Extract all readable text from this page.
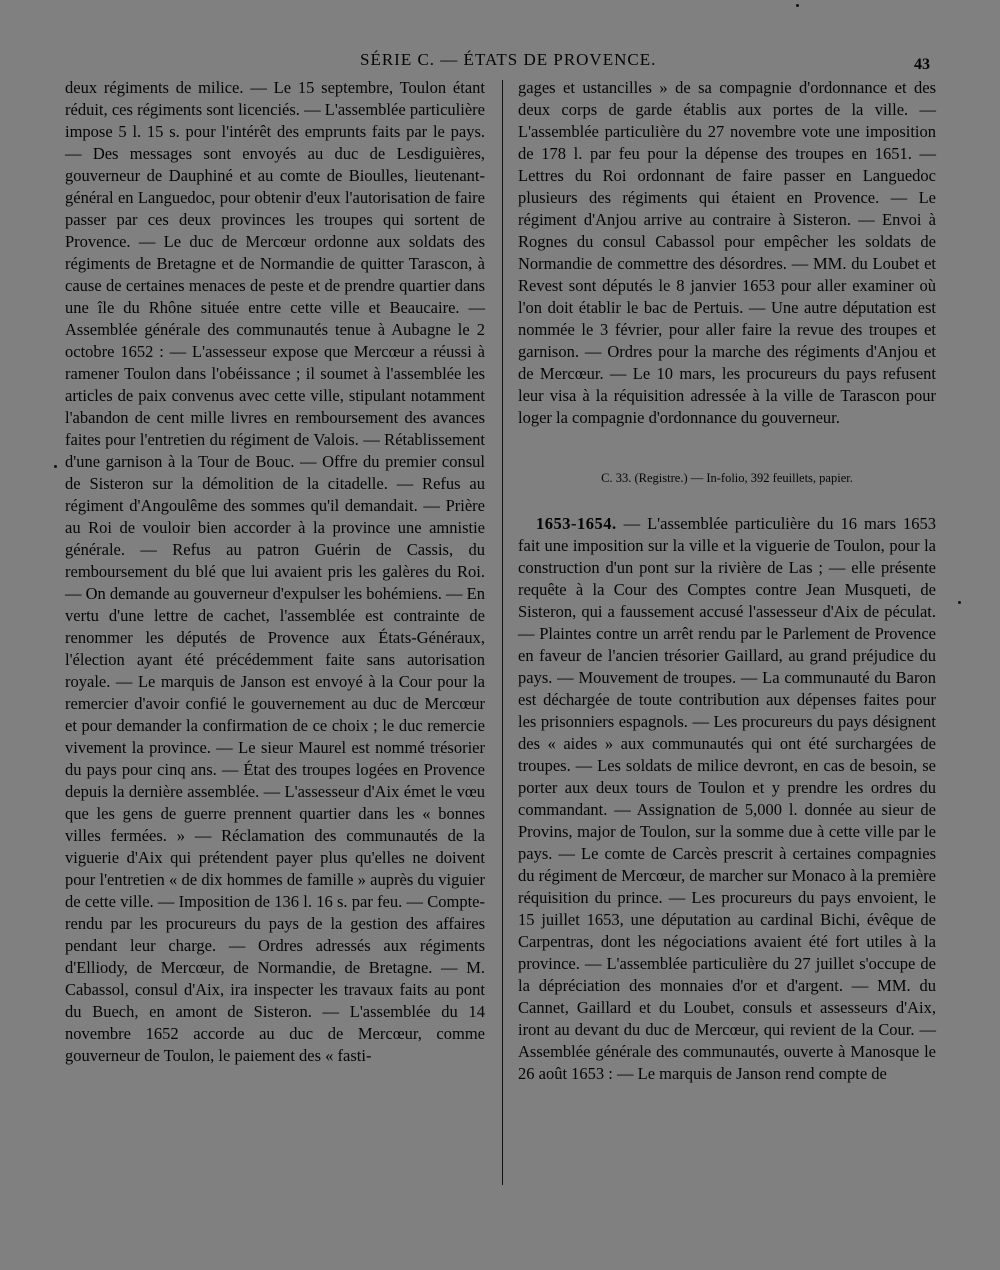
SÉRIE C. — ÉTATS DE PROVENCE.	43

deux régiments de milice. — Le 15 septembre, Toulon étant réduit, ces régiments sont licenciés. — L'assemblée particulière impose 5 l. 15 s. pour l'intérêt des emprunts faits par le pays. — Des messages sont envoyés au duc de Lesdiguières, gouverneur de Dauphiné et au comte de Bioulles, lieutenant-général en Languedoc, pour obtenir d'eux l'autorisation de faire passer par ces deux provinces les troupes qui sortent de Provence. — Le duc de Mercœur ordonne aux soldats des régiments de Bretagne et de Normandie de quitter Tarascon, à cause de certaines menaces de peste et de prendre quartier dans une île du Rhône située entre cette ville et Beaucaire. — Assemblée générale des communautés tenue à Aubagne le 2 octobre 1652 : — L'assesseur expose que Mercœur a réussi à ramener Toulon dans l'obéissance ; il soumet à l'assemblée les articles de paix convenus avec cette ville, stipulant notamment l'abandon de cent mille livres en remboursement des avances faites pour l'entretien du régiment de Valois. — Rétablissement d'une garnison à la Tour de Bouc. — Offre du premier consul de Sisteron sur la démolition de la citadelle. — Refus au régiment d'Angoulême des sommes qu'il demandait. — Prière au Roi de vouloir bien accorder à la province une amnistie générale. — Refus au patron Guérin de Cassis, du remboursement du blé que lui avaient pris les galères du Roi. — On demande au gouverneur d'expulser les bohémiens. — En vertu d'une lettre de cachet, l'assemblée est contrainte de renommer les députés de Provence aux États-Généraux, l'élection ayant été précédemment faite sans autorisation royale. — Le marquis de Janson est envoyé à la Cour pour la remercier d'avoir confié le gouvernement au duc de Mercœur et pour demander la confirmation de ce choix ; le duc remercie vivement la province. — Le sieur Maurel est nommé trésorier du pays pour cinq ans. — État des troupes logées en Provence depuis la dernière assemblée. — L'assesseur d'Aix émet le vœu que les gens de guerre prennent quartier dans les « bonnes villes fermées. » — Réclamation des communautés de la viguerie d'Aix qui prétendent payer plus qu'elles ne doivent pour l'entretien « de dix hommes de famille » auprès du viguier de cette ville. — Imposition de 136 l. 16 s. par feu. — Compte-rendu par les procureurs du pays de la gestion des affaires pendant leur charge. — Ordres adressés aux régiments d'Elliody, de Mercœur, de Normandie, de Bretagne. — M. Cabassol, consul d'Aix, ira inspecter les travaux faits au pont du Buech, en amont de Sisteron. — L'assemblée du 14 novembre 1652 accorde au duc de Mercœur, comme gouverneur de Toulon, le paiement des « fasti-

gages et ustancilles » de sa compagnie d'ordonnance et des deux corps de garde établis aux portes de la ville. — L'assemblée particulière du 27 novembre vote une imposition de 178 l. par feu pour la dépense des troupes en 1651. — Lettres du Roi ordonnant de faire passer en Languedoc plusieurs des régiments qui étaient en Provence. — Le régiment d'Anjou arrive au contraire à Sisteron. — Envoi à Rognes du consul Cabassol pour empêcher les soldats de Normandie de commettre des désordres. — MM. du Loubet et Revest sont députés le 8 janvier 1653 pour aller examiner où l'on doit établir le bac de Pertuis. — Une autre députation est nommée le 3 février, pour aller faire la revue des troupes et garnison. — Ordres pour la marche des régiments d'Anjou et de Mercœur. — Le 10 mars, les procureurs du pays refusent leur visa à la réquisition adressée à la ville de Tarascon pour loger la compagnie d'ordonnance du gouverneur.

C. 33. (Registre.) — In-folio, 392 feuillets, papier.

1653-1654. — L'assemblée particulière du 16 mars 1653 fait une imposition sur la ville et la viguerie de Toulon, pour la construction d'un pont sur la rivière de Las ; — elle présente requête à la Cour des Comptes contre Jean Musqueti, de Sisteron, qui a faussement accusé l'assesseur d'Aix de péculat. — Plaintes contre un arrêt rendu par le Parlement de Provence en faveur de l'ancien trésorier Gaillard, au grand préjudice du pays. — Mouvement de troupes. — La communauté du Baron est déchargée de toute contribution aux dépenses faites pour les prisonniers espagnols. — Les procureurs du pays désignent des « aides » aux communautés qui ont été surchargées de troupes. — Les soldats de milice devront, en cas de besoin, se porter aux deux tours de Toulon et y prendre les ordres du commandant. — Assignation de 5,000 l. donnée au sieur de Provins, major de Toulon, sur la somme due à cette ville par le pays. — Le comte de Carcès prescrit à certaines compagnies du régiment de Mercœur, de marcher sur Monaco à la première réquisition du prince. — Les procureurs du pays envoient, le 15 juillet 1653, une députation au cardinal Bichi, évêque de Carpentras, dont les négociations avaient été fort utiles à la province. — L'assemblée particulière du 27 juillet s'occupe de la dépréciation des monnaies d'or et d'argent. — MM. du Cannet, Gaillard et du Loubet, consuls et assesseurs d'Aix, iront au devant du duc de Mercœur, qui revient de la Cour. — Assemblée générale des communautés, ouverte à Manosque le 26 août 1653 : — Le marquis de Janson rend compte de
